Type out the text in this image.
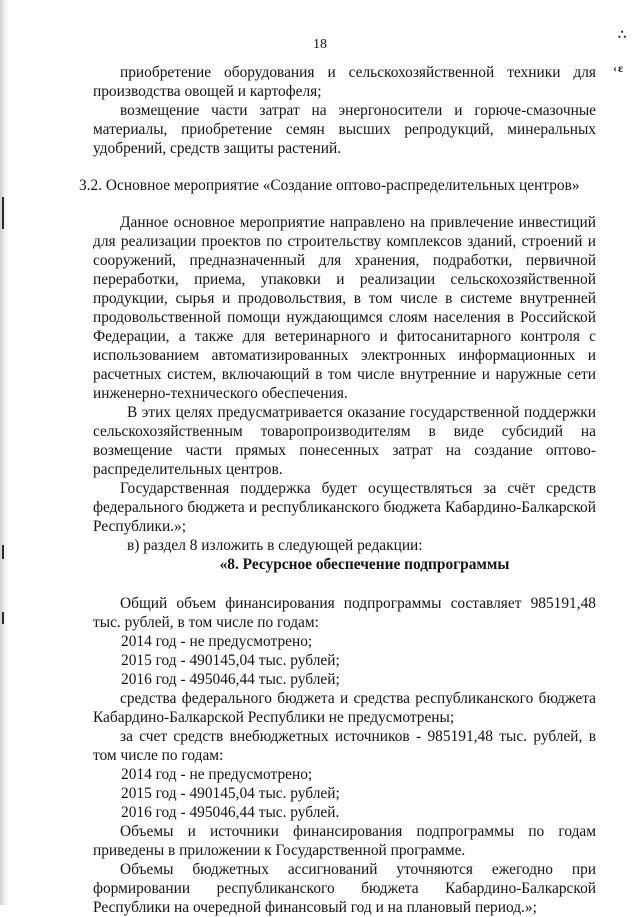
∴
‹ɛ
18

приобретение оборудования и сельскохозяйственной техники для производства овощей и картофеля;

возмещение части затрат на энергоносители и горюче-смазочные материалы, приобретение семян высших репродукций, минеральных удобрений, средств защиты растений.

3.2. Основное мероприятие «Создание оптово-распределительных центров»

Данное основное мероприятие направлено на привлечение инвестиций для реализации проектов по строительству комплексов зданий, строений и сооружений, предназначенный для хранения, подработки, первичной переработки, приема, упаковки и реализации сельскохозяйственной продукции, сырья и продовольствия, в том числе в системе внутренней продовольственной помощи нуждающимся слоям населения в Российской Федерации, а также для ветеринарного и фитосанитарного контроля с использованием автоматизированных электронных информационных и расчетных систем, включающий в том числе внутренние и наружные сети инженерно-технического обеспечения.

В этих целях предусматривается оказание государственной поддержки сельскохозяйственным товаропроизводителям в виде субсидий на возмещение части прямых понесенных затрат на создание оптово-распределительных центров.

Государственная поддержка будет осуществляться за счёт средств федерального бюджета и республиканского бюджета Кабардино-Балкарской Республики.»;

в) раздел 8 изложить в следующей редакции:

«8. Ресурсное обеспечение подпрограммы

Общий объем финансирования подпрограммы составляет 985191,48 тыс. рублей, в том числе по годам:

2014 год - не предусмотрено;

2015 год - 490145,04 тыс. рублей;

2016 год - 495046,44 тыс. рублей;

средства федерального бюджета и средства республиканского бюджета Кабардино-Балкарской Республики не предусмотрены;

за счет средств внебюджетных источников - 985191,48 тыс. рублей, в том числе по годам:

2014 год - не предусмотрено;

2015 год - 490145,04 тыс. рублей;

2016 год - 495046,44 тыс. рублей.

Объемы и источники финансирования подпрограммы по годам приведены в приложении к Государственной программе.

Объемы бюджетных ассигнований уточняются ежегодно при формировании республиканского бюджета Кабардино-Балкарской Республики на очередной финансовый год и на плановый период.»;
